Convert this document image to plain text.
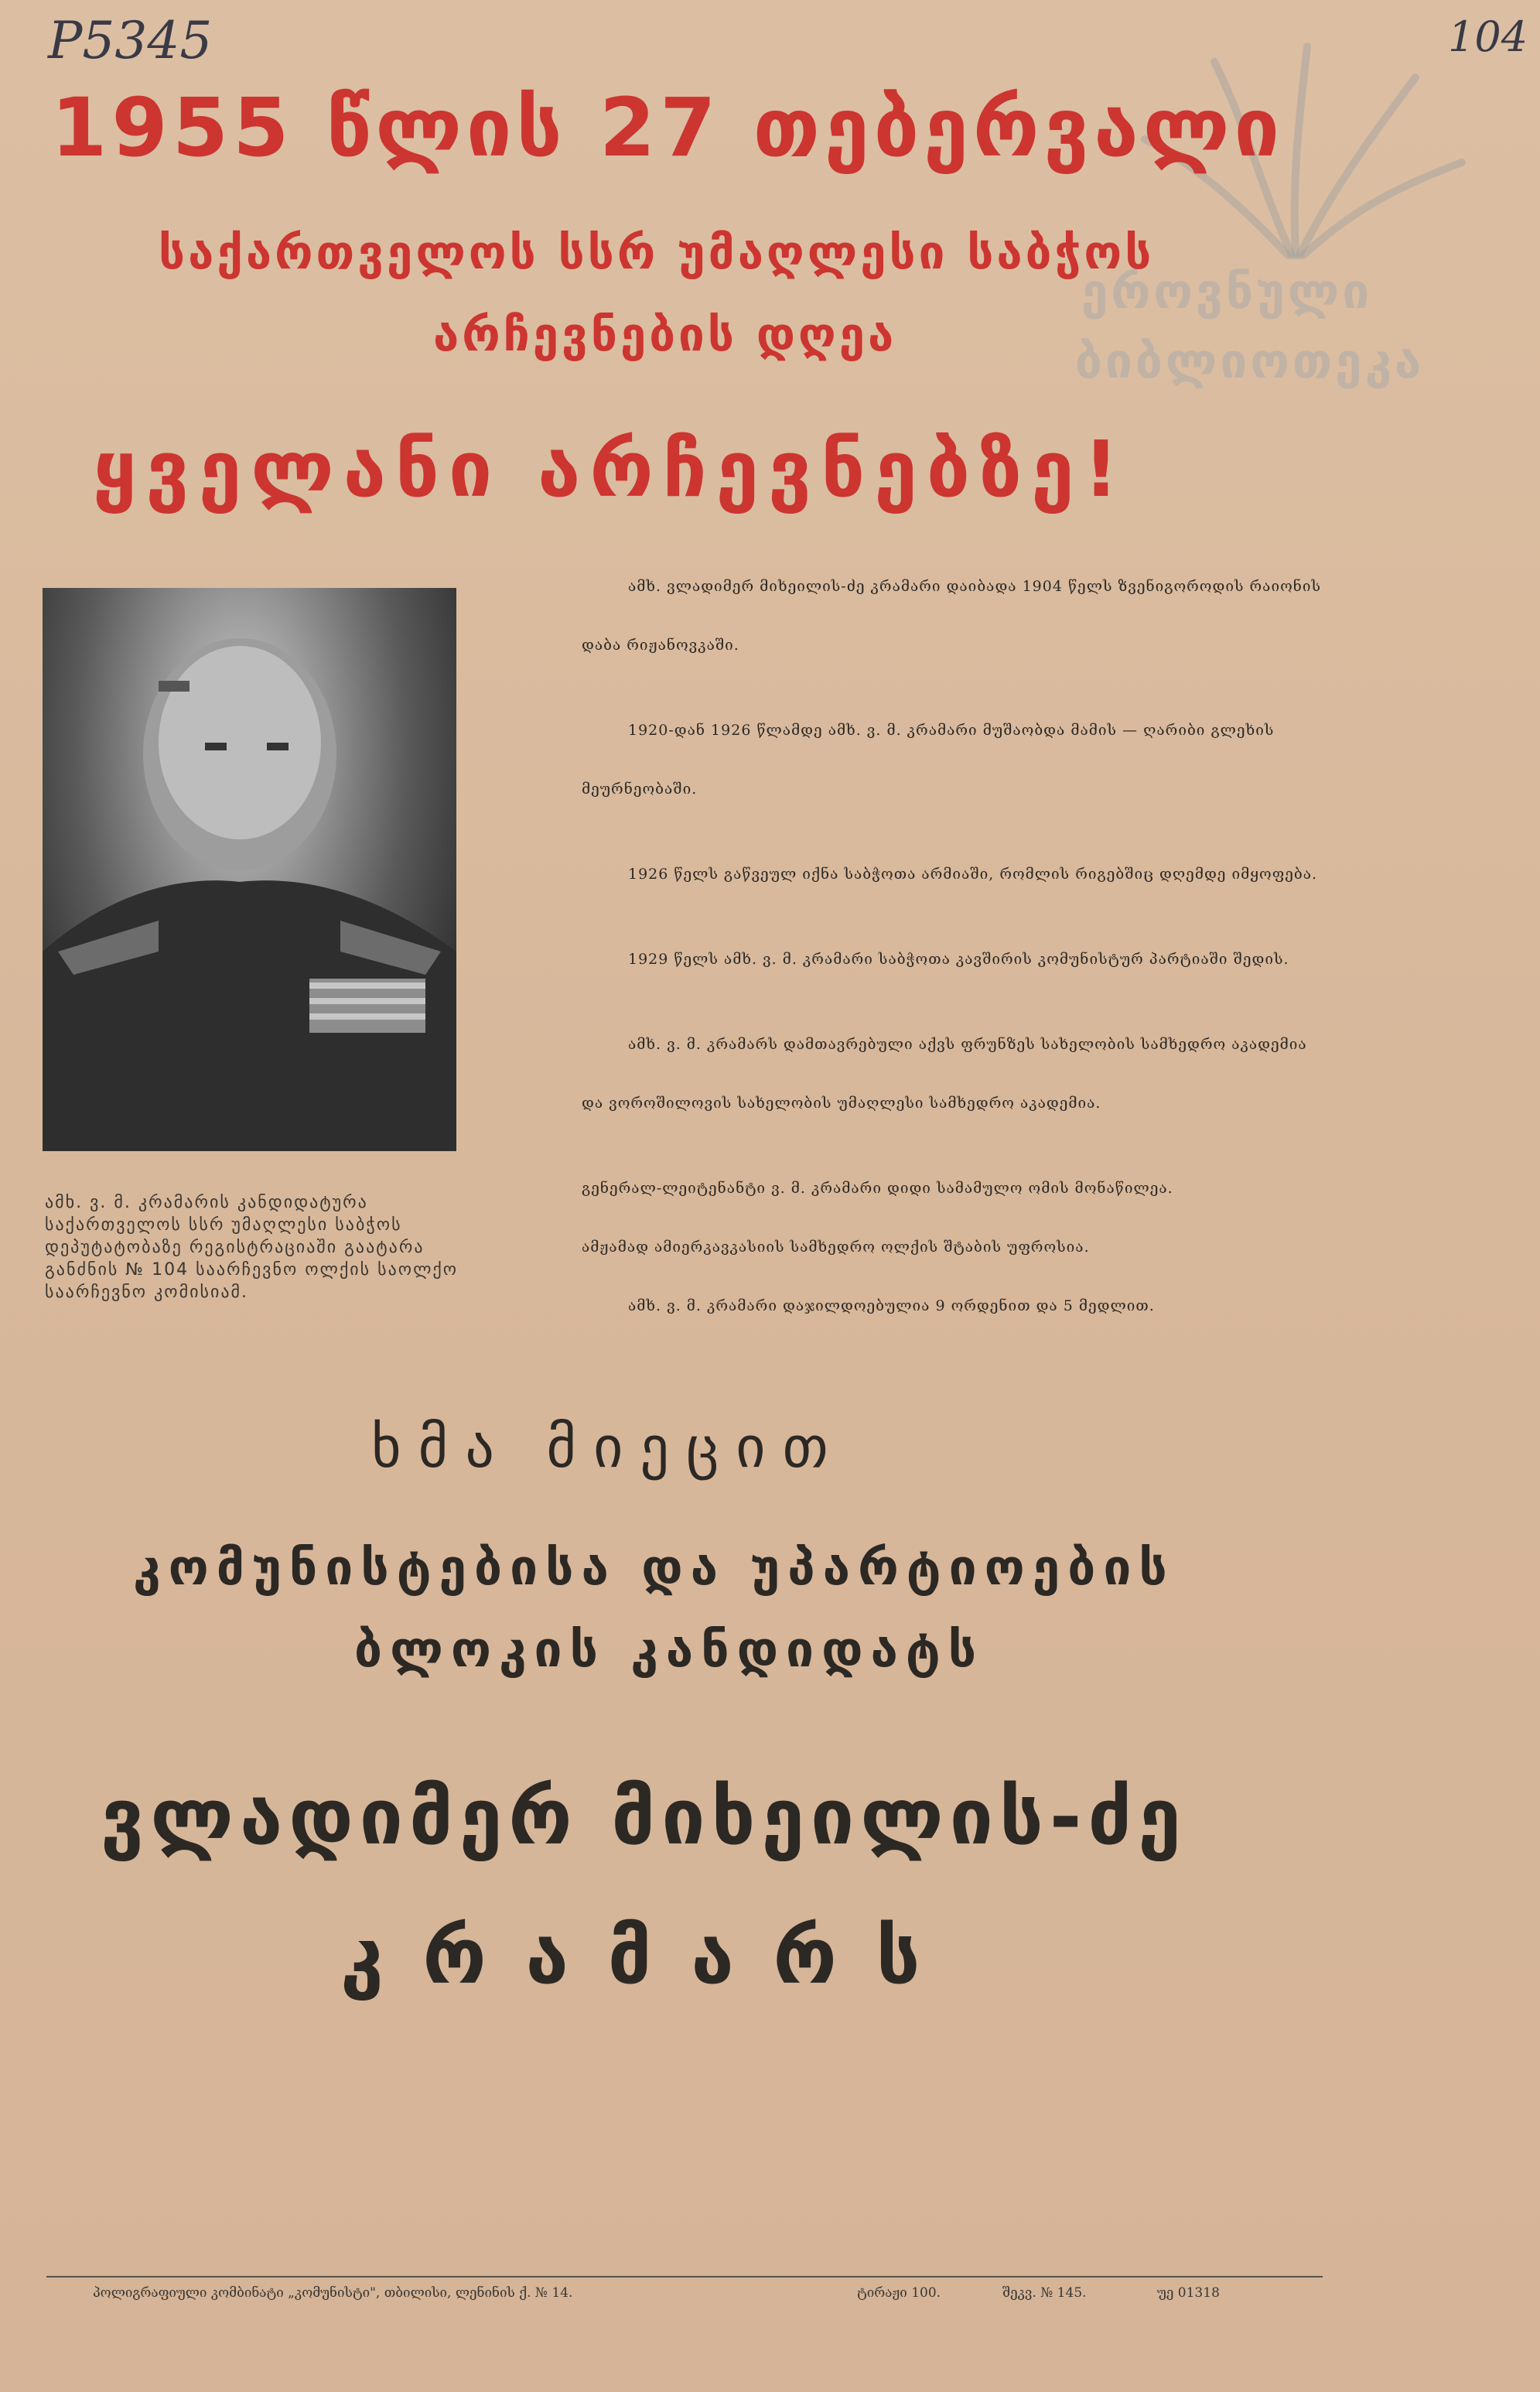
P5345	104
ეროვნული
ბიბლიოთეკა
1955 წლის 27 თებერვალი
საქართველოს სსრ უმაღლესი საბჭოს
არჩევნების დღეა
ყველანი არჩევნებზე!
ამხ. ვ. მ. კრამარის კანდიდატურა საქართველოს სსრ უმაღლესი საბჭოს დეპუტატობაზე რეგისტრაციაში გაატარა განძნის № 104 საარჩევნო ოლქის საოლქო საარჩევნო კომისიამ.

ამხ. ვლადიმერ მიხეილის-ძე კრამარი დაიბადა 1904 წელს ზვენიგოროდის რაიონის დაბა რიჟანოვკაში.

1920-დან 1926 წლამდე ამხ. ვ. მ. კრამარი მუშაობდა მამის — ღარიბი გლეხის მეურნეობაში.

1926 წელს გაწვეულ იქნა საბჭოთა არმიაში, რომლის რიგებშიც დღემდე იმყოფება.

1929 წელს ამხ. ვ. მ. კრამარი საბჭოთა კავშირის კომუნისტურ პარტიაში შედის.

ამხ. ვ. მ. კრამარს დამთავრებული აქვს ფრუნზეს სახელობის სამხედრო აკადემია და ვოროშილოვის სახელობის უმაღლესი სამხედრო აკადემია.

გენერალ-ლეიტენანტი ვ. მ. კრამარი დიდი სამამულო ომის მონაწილეა.

ამჟამად ამიერკავკასიის სამხედრო ოლქის შტაბის უფროსია.

ამხ. ვ. მ. კრამარი დაჯილდოებულია 9 ორდენით და 5 მედლით.

ხმა მიეცით
კომუნისტებისა და უპარტიოების
ბლოკის კანდიდატს
ვლადიმერ მიხეილის-ძე
კ რ ა მ ა რ ს
პოლიგრაფიული კომბინატი „კომუნისტი", თბილისი, ლენინის ქ. № 14.	ტირაჟი 100.	შეკვ. № 145.	უე 01318
